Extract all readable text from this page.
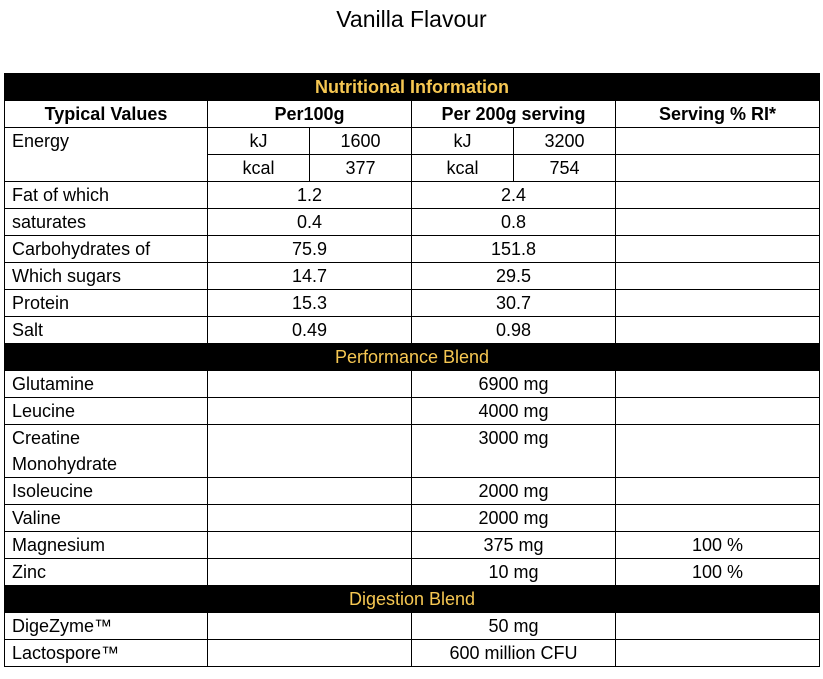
Vanilla Flavour
Nutritional Information					
Typical Values	Per100g		Per 200g serving		Serving % RI*
Energy	kJ	1600	kJ	3200	
	kcal	377	kcal	754	
Fat of which	1.2		2.4		
saturates	0.4		0.8		
Carbohydrates of	75.9		151.8		
Which sugars	14.7		29.5		
Protein	15.3		30.7		
Salt	0.49		0.98		
Performance Blend					
Glutamine			6900 mg		
Leucine			4000 mg		

Creatine
Monohydrate			3000 mg		
Isoleucine			2000 mg		
Valine			2000 mg		
Magnesium			375 mg		100 %
Zinc			10 mg		100 %
Digestion Blend					
DigeZyme™			50 mg		
Lactospore™			600 million CFU		
